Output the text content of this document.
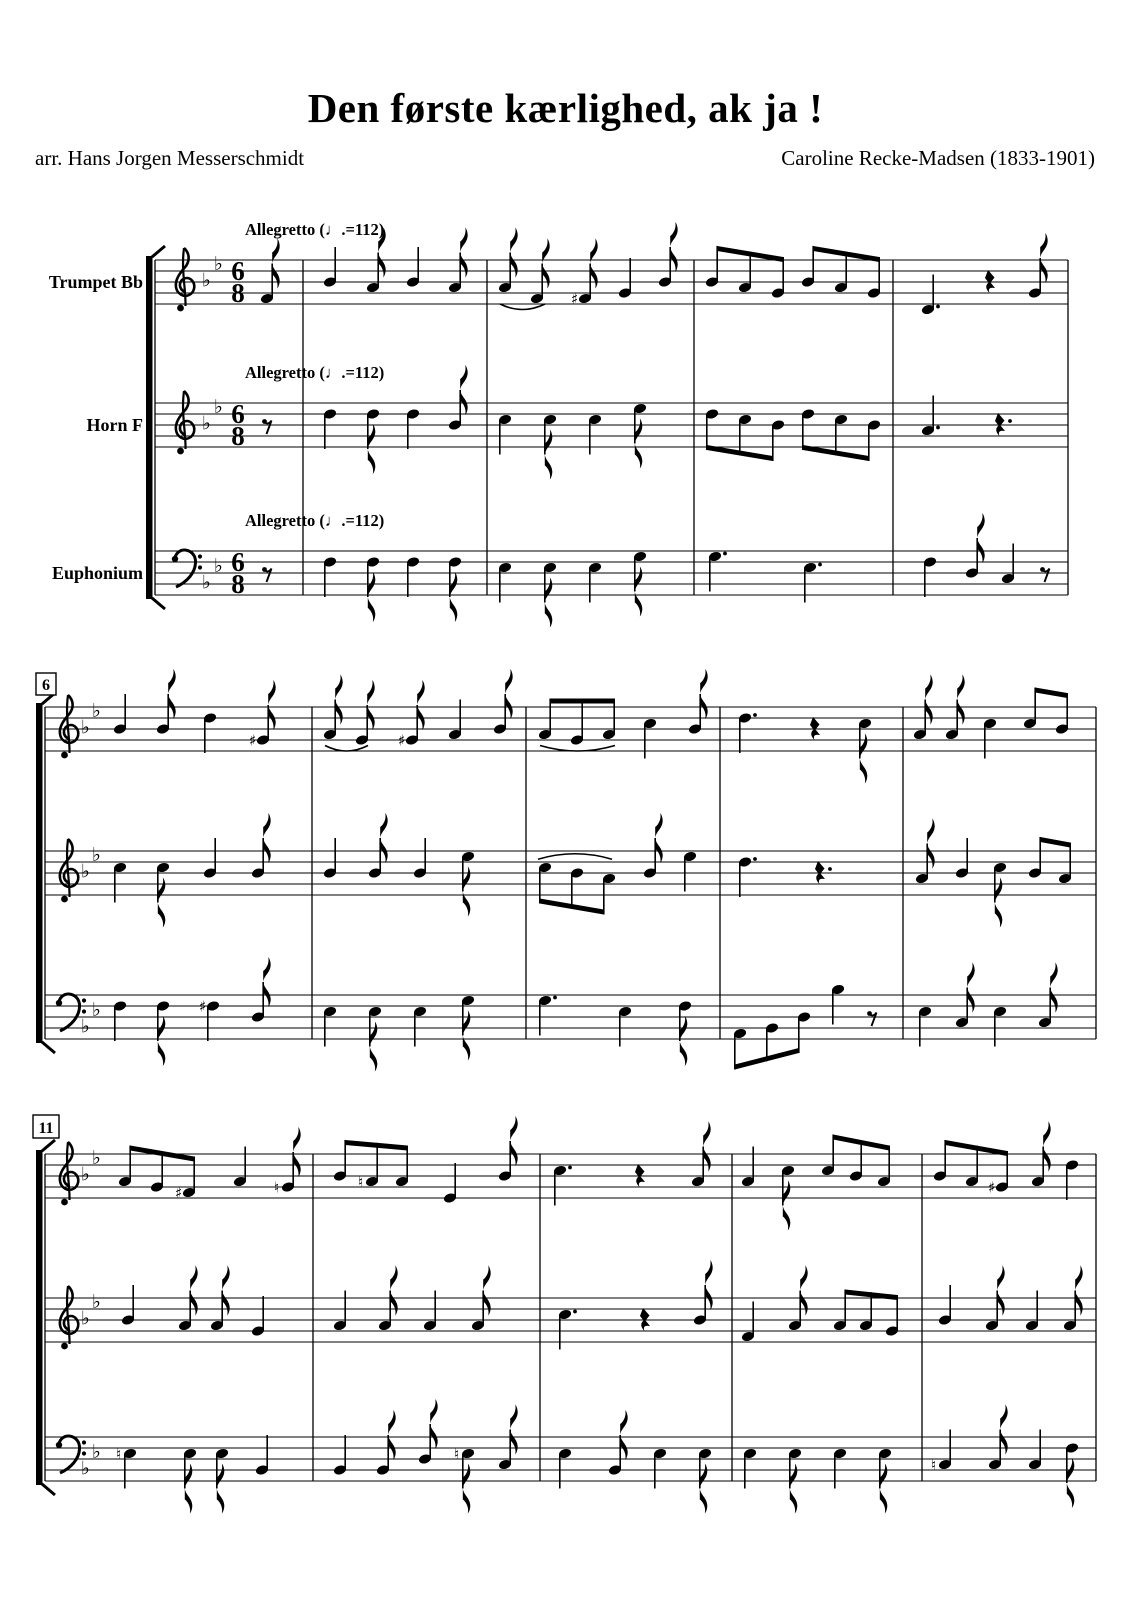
Den første kærlighed, ak ja !
arr. Hans Jorgen Messerschmidt	Caroline Recke-Madsen (1833-1901)
♭
♭ 6
8
Allegretto (♩.=112)
Trumpet Bb
♯
♭
♭ 6
8
Allegretto (♩.=112)
Horn F
♭
♭ 6
8
Allegretto (♩.=112)
Euphonium
6
♭
♭
♯	♯
♭
♭
♭
♭	♯
11
♭
♭
♯	♮	♮	♯
♭
♭
♭
♭ ♮	♮
♮
